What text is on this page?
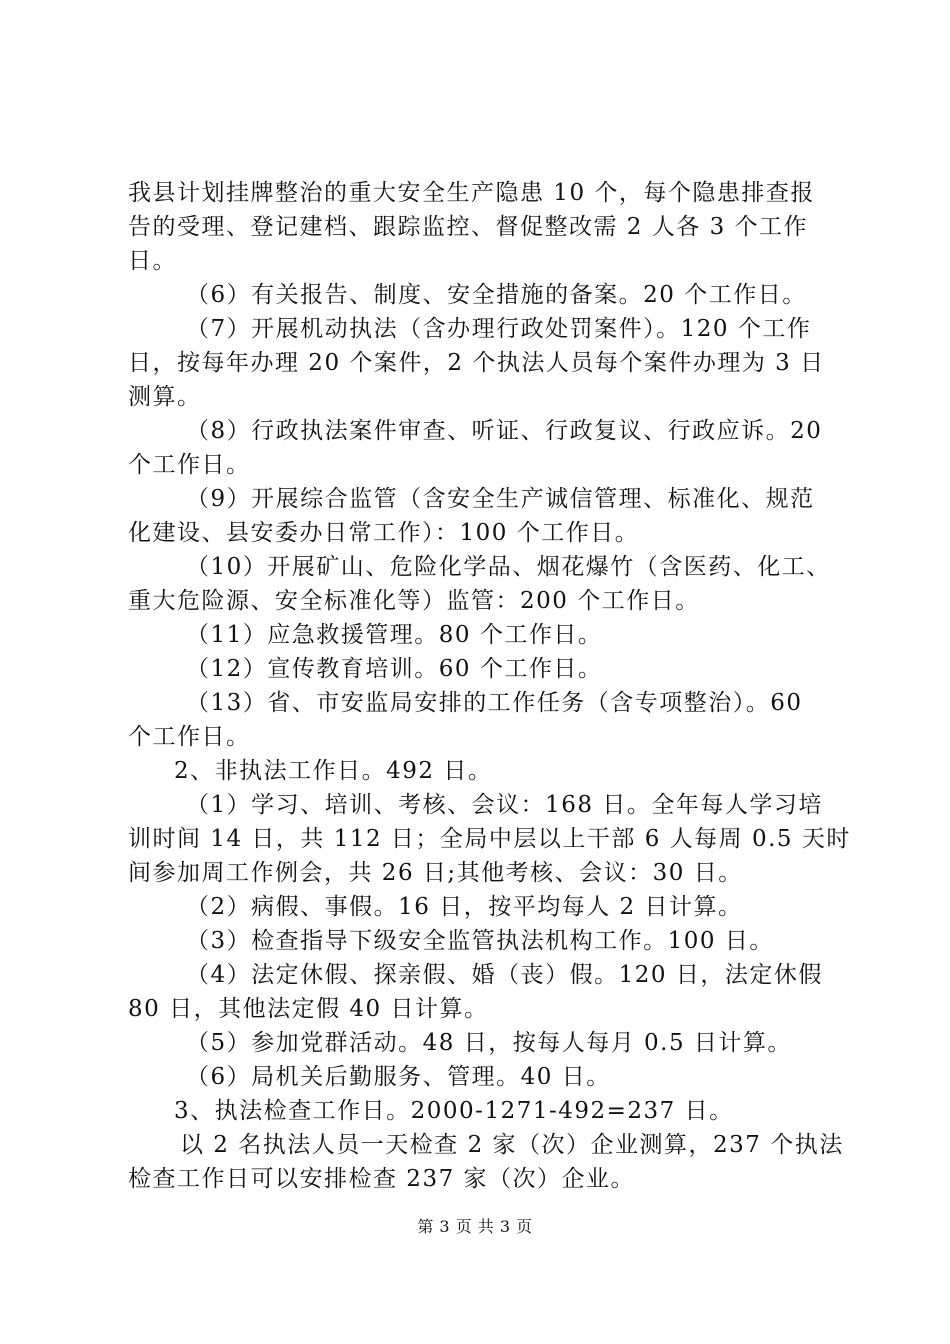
我县计划挂牌整治的重大安全生产隐患 10 个，每个隐患排查报
告的受理、登记建档、跟踪监控、督促整改需 2 人各 3 个工作
日。
（6）有关报告、制度、安全措施的备案。20 个工作日。
（7）开展机动执法（含办理行政处罚案件）。120 个工作
日，按每年办理 20 个案件，2 个执法人员每个案件办理为 3 日
测算。
（8）行政执法案件审查、听证、行政复议、行政应诉。20
个工作日。
（9）开展综合监管（含安全生产诚信管理、标准化、规范
化建设、县安委办日常工作）：100 个工作日。
（10）开展矿山、危险化学品、烟花爆竹（含医药、化工、
重大危险源、安全标准化等）监管：200 个工作日。
（11）应急救援管理。80 个工作日。
（12）宣传教育培训。60 个工作日。
（13）省、市安监局安排的工作任务（含专项整治）。60
个工作日。
2、非执法工作日。492 日。
（1）学习、培训、考核、会议：168 日。全年每人学习培
训时间 14 日，共 112 日；全局中层以上干部 6 人每周 0.5 天时
间参加周工作例会，共 26 日;其他考核、会议：30 日。
（2）病假、事假。16 日，按平均每人 2 日计算。
（3）检查指导下级安全监管执法机构工作。100 日。
（4）法定休假、探亲假、婚（丧）假。120 日，法定休假
80 日，其他法定假 40 日计算。
（5）参加党群活动。48 日，按每人每月 0.5 日计算。
（6）局机关后勤服务、管理。40 日。
3、执法检查工作日。2000-1271-492=237 日。
以 2 名执法人员一天检查 2 家（次）企业测算，237 个执法
检查工作日可以安排检查 237 家（次）企业。
第 3 页 共 3 页
